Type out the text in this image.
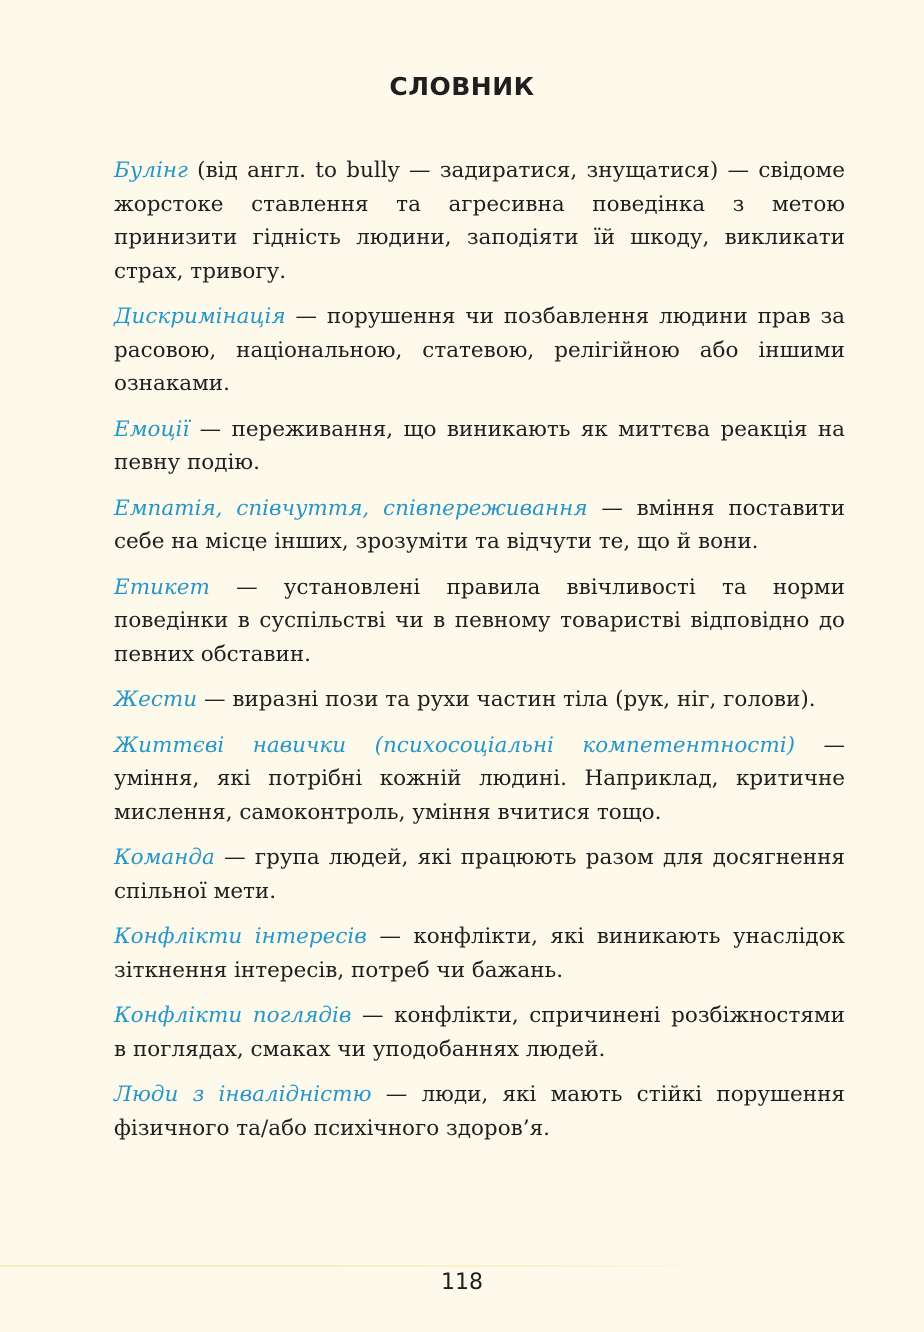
СЛОВНИК

Булінг (від англ. to bully — задиратися, знущатися) — свідоме жорстоке ставлення та агресивна поведінка з метою принизити гідність людини, заподіяти їй шкоду, викликати страх, тривогу.

Дискримінація — порушення чи позбавлення людини прав за расовою, національною, статевою, релігійною або іншими ознаками.

Емоції — переживання, що виникають як миттєва реакція на певну подію.

Емпатія, співчуття, співпереживання — вміння поставити себе на місце інших, зрозуміти та відчути те, що й вони.

Етикет — установлені правила ввічливості та норми поведінки в суспільстві чи в певному товаристві відповідно до певних обставин.

Жести — виразні пози та рухи частин тіла (рук, ніг, голови).

Життєві навички (психосоціальні компетентності) — уміння, які потрібні кожній людині. Наприклад, критичне мислення, самоконтроль, уміння вчитися тощо.

Команда — група людей, які працюють разом для досягнення спільної мети.

Конфлікти інтересів — конфлікти, які виникають унаслідок зіткнення інтересів, потреб чи бажань.

Конфлікти поглядів — конфлікти, спричинені розбіжностями в поглядах, смаках чи уподобаннях людей.

Люди з інвалідністю — люди, які мають стійкі порушення фізичного та/або психічного здоров’я.

118
